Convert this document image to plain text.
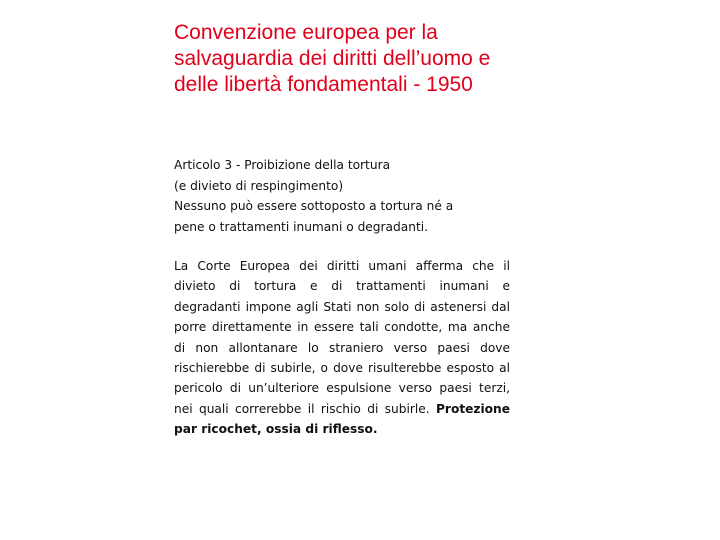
Convenzione europea per la salvaguardia dei diritti dell’uomo e delle libertà fondamentali - 1950

Articolo 3 - Proibizione della tortura
(e divieto di respingimento)
Nessuno può essere sottoposto a tortura né a
pene o trattamenti inumani o degradanti.

La Corte Europea dei diritti umani afferma che il divieto di tortura e di trattamenti inumani e degradanti impone agli Stati non solo di astenersi dal porre direttamente in essere tali condotte, ma anche di non allontanare lo straniero verso paesi dove rischierebbe di subirle, o dove risulterebbe esposto al pericolo di un’ulteriore espulsione verso paesi terzi, nei quali correrebbe il rischio di subirle. Protezione par ricochet, ossia di riflesso.
